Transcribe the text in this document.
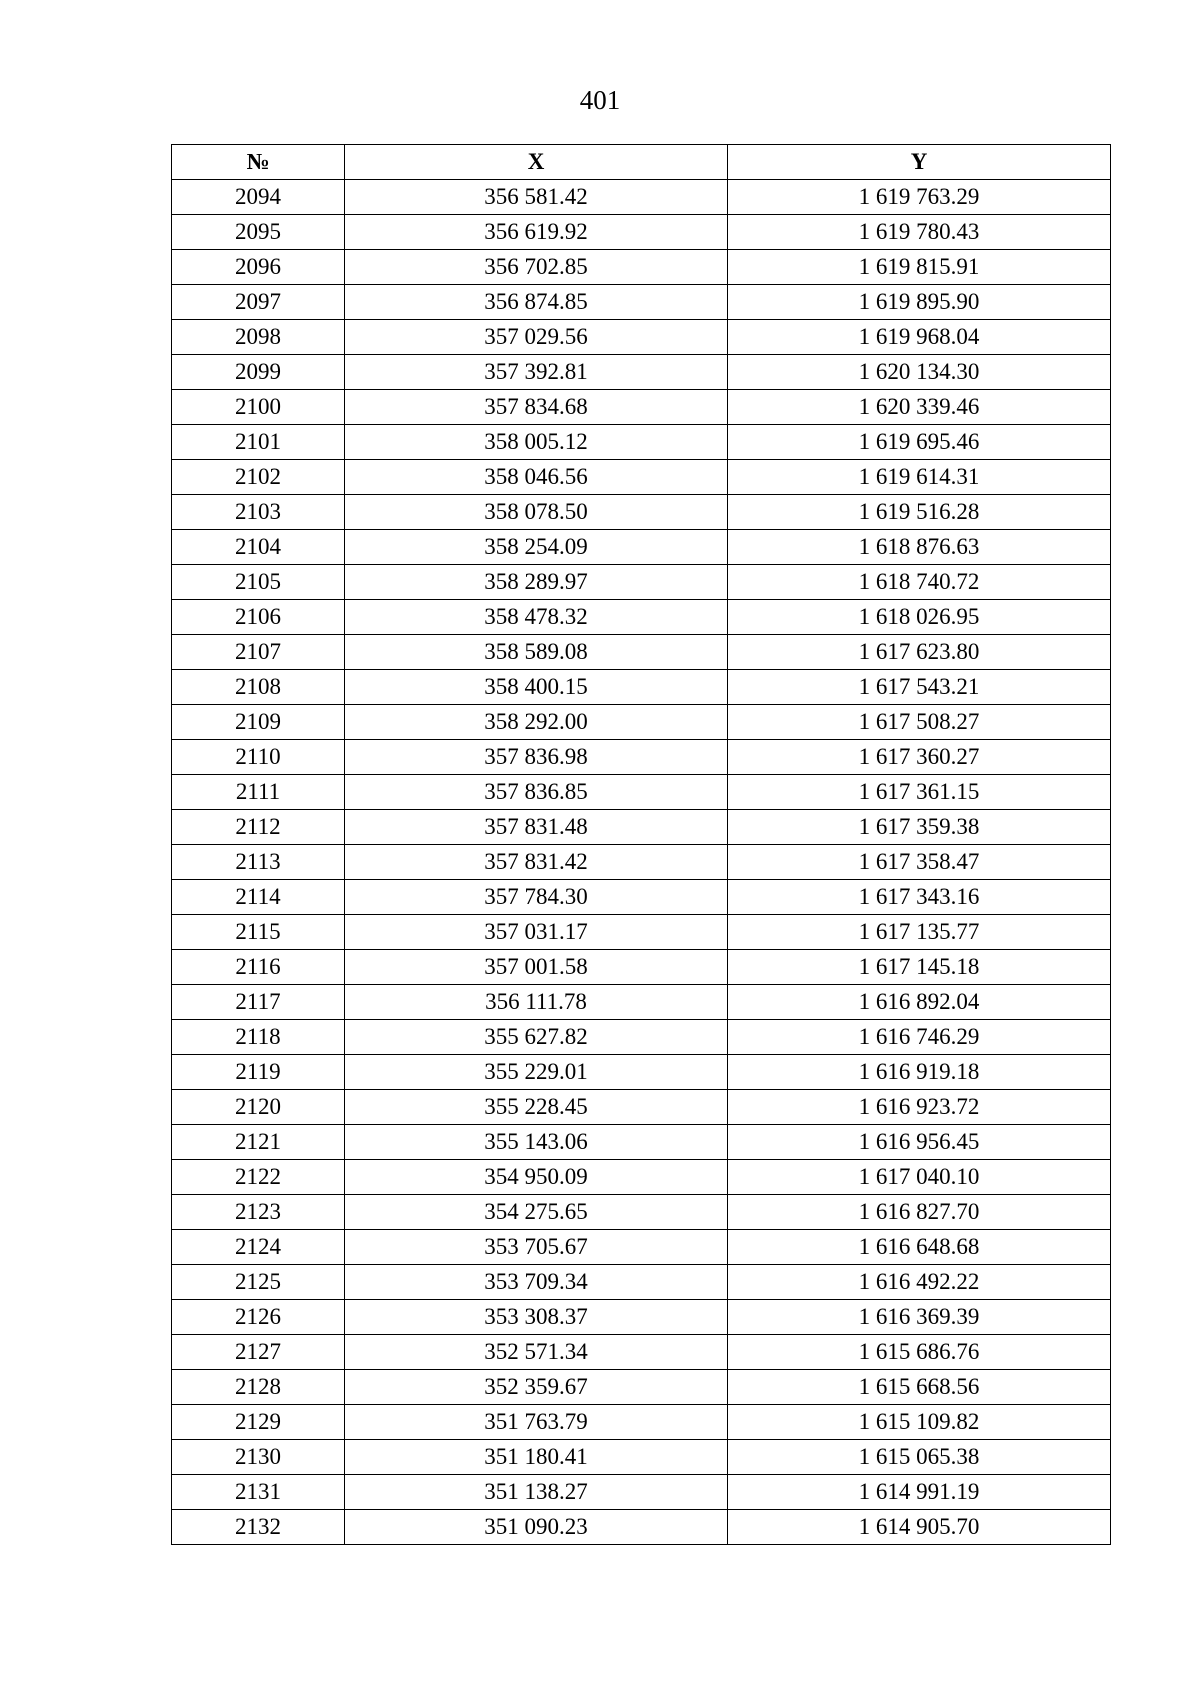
401
№	X	Y
2094	356 581.42	1 619 763.29
2095	356 619.92	1 619 780.43
2096	356 702.85	1 619 815.91
2097	356 874.85	1 619 895.90
2098	357 029.56	1 619 968.04
2099	357 392.81	1 620 134.30
2100	357 834.68	1 620 339.46
2101	358 005.12	1 619 695.46
2102	358 046.56	1 619 614.31
2103	358 078.50	1 619 516.28
2104	358 254.09	1 618 876.63
2105	358 289.97	1 618 740.72
2106	358 478.32	1 618 026.95
2107	358 589.08	1 617 623.80
2108	358 400.15	1 617 543.21
2109	358 292.00	1 617 508.27
2110	357 836.98	1 617 360.27
2111	357 836.85	1 617 361.15
2112	357 831.48	1 617 359.38
2113	357 831.42	1 617 358.47
2114	357 784.30	1 617 343.16
2115	357 031.17	1 617 135.77
2116	357 001.58	1 617 145.18
2117	356 111.78	1 616 892.04
2118	355 627.82	1 616 746.29
2119	355 229.01	1 616 919.18
2120	355 228.45	1 616 923.72
2121	355 143.06	1 616 956.45
2122	354 950.09	1 617 040.10
2123	354 275.65	1 616 827.70
2124	353 705.67	1 616 648.68
2125	353 709.34	1 616 492.22
2126	353 308.37	1 616 369.39
2127	352 571.34	1 615 686.76
2128	352 359.67	1 615 668.56
2129	351 763.79	1 615 109.82
2130	351 180.41	1 615 065.38
2131	351 138.27	1 614 991.19
2132	351 090.23	1 614 905.70
